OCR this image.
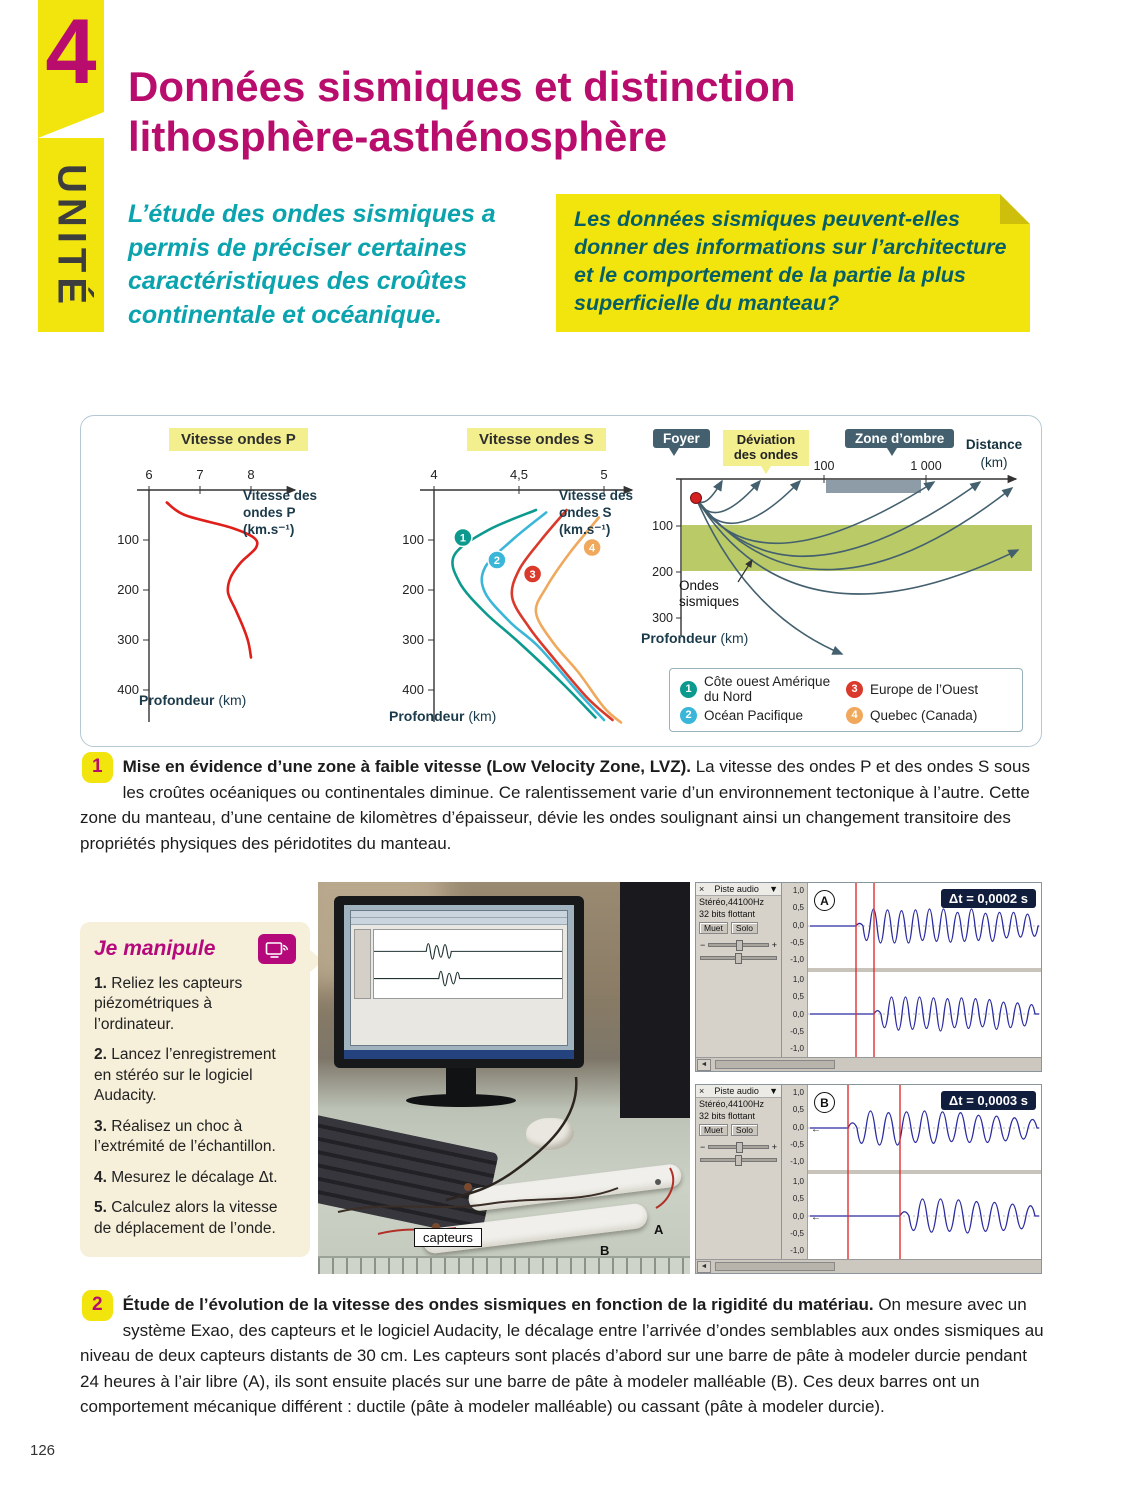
4
UNITÉ
Données sismiques et distinction
lithosphère-asthénosphère
L’étude des ondes sismiques a permis de préciser certaines caractéristiques des croûtes continentale et océanique.
Les données sismiques peuvent-elles donner des informations sur l’architecture et le comportement de la partie la plus superficielle du manteau?
Vitesse ondes P	Vitesse ondes S
6	7	8
100
200
300
400
Vitesse des ondes P (km.s⁻¹)
Profondeur (km)
4	4,5	5
100
200
300
400
1
2
3
4
Vitesse des ondes S (km.s⁻¹)
Profondeur (km)
100	1 000
100
200
300
Foyer	Déviation des ondes
Zone d’ombre	Distance
(km)
Ondes sismiques
Profondeur (km)
1 Côte ouest Amérique du Nord
2 Océan Pacifique
3 Europe de l’Ouest
4 Quebec (Canada)
1	Mise en évidence d’une zone à faible vitesse (Low Velocity Zone, LVZ). La vitesse des ondes P et des ondes S sous les croûtes océaniques ou continentales diminue. Ce ralentissement varie d’un environnement tectonique à l’autre. Cette zone du manteau, d’une centaine de kilomètres d’épaisseur, dévie les ondes soulignant ainsi un changement transitoire des propriétés physiques des péridotites du manteau.
Je manipule
1. Reliez les capteurs piézométriques à l’ordinateur.
2. Lancez l’enregistrement en stéréo sur le logiciel Audacity.
3. Réalisez un choc à l’extrémité de l’échantillon.
4. Mesurez le décalage Δt.
5. Calculez alors la vitesse de déplacement de l’onde.
capteurs
A
B
× Piste audio ▼
Stéréo,44100Hz
32 bits flottant
Muet	Solo
−	+
1,0
0,5
0,0
-0,5
-1,0
1,0
0,5
0,0
-0,5
-1,0
A	Δt = 0,0002 s
◄
× Piste audio ▼
Stéréo,44100Hz
32 bits flottant
Muet	Solo
−	+
1,0
0,5
0,0
-0,5
-1,0
1,0
0,5
0,0
-0,5
-1,0
←
←
B	Δt = 0,0003 s
◄
2	Étude de l’évolution de la vitesse des ondes sismiques en fonction de la rigidité du matériau. On mesure avec un système Exao, des capteurs et le logiciel Audacity, le décalage entre l’arrivée d’ondes semblables aux ondes sismiques au niveau de deux capteurs distants de 30 cm. Les capteurs sont placés d’abord sur une barre de pâte à modeler durcie pendant 24 heures à l’air libre (A), ils sont ensuite placés sur une barre de pâte à modeler malléable (B). Ces deux barres ont un comportement mécanique différent : ductile (pâte à modeler malléable) ou cassant (pâte à modeler durcie).
126
